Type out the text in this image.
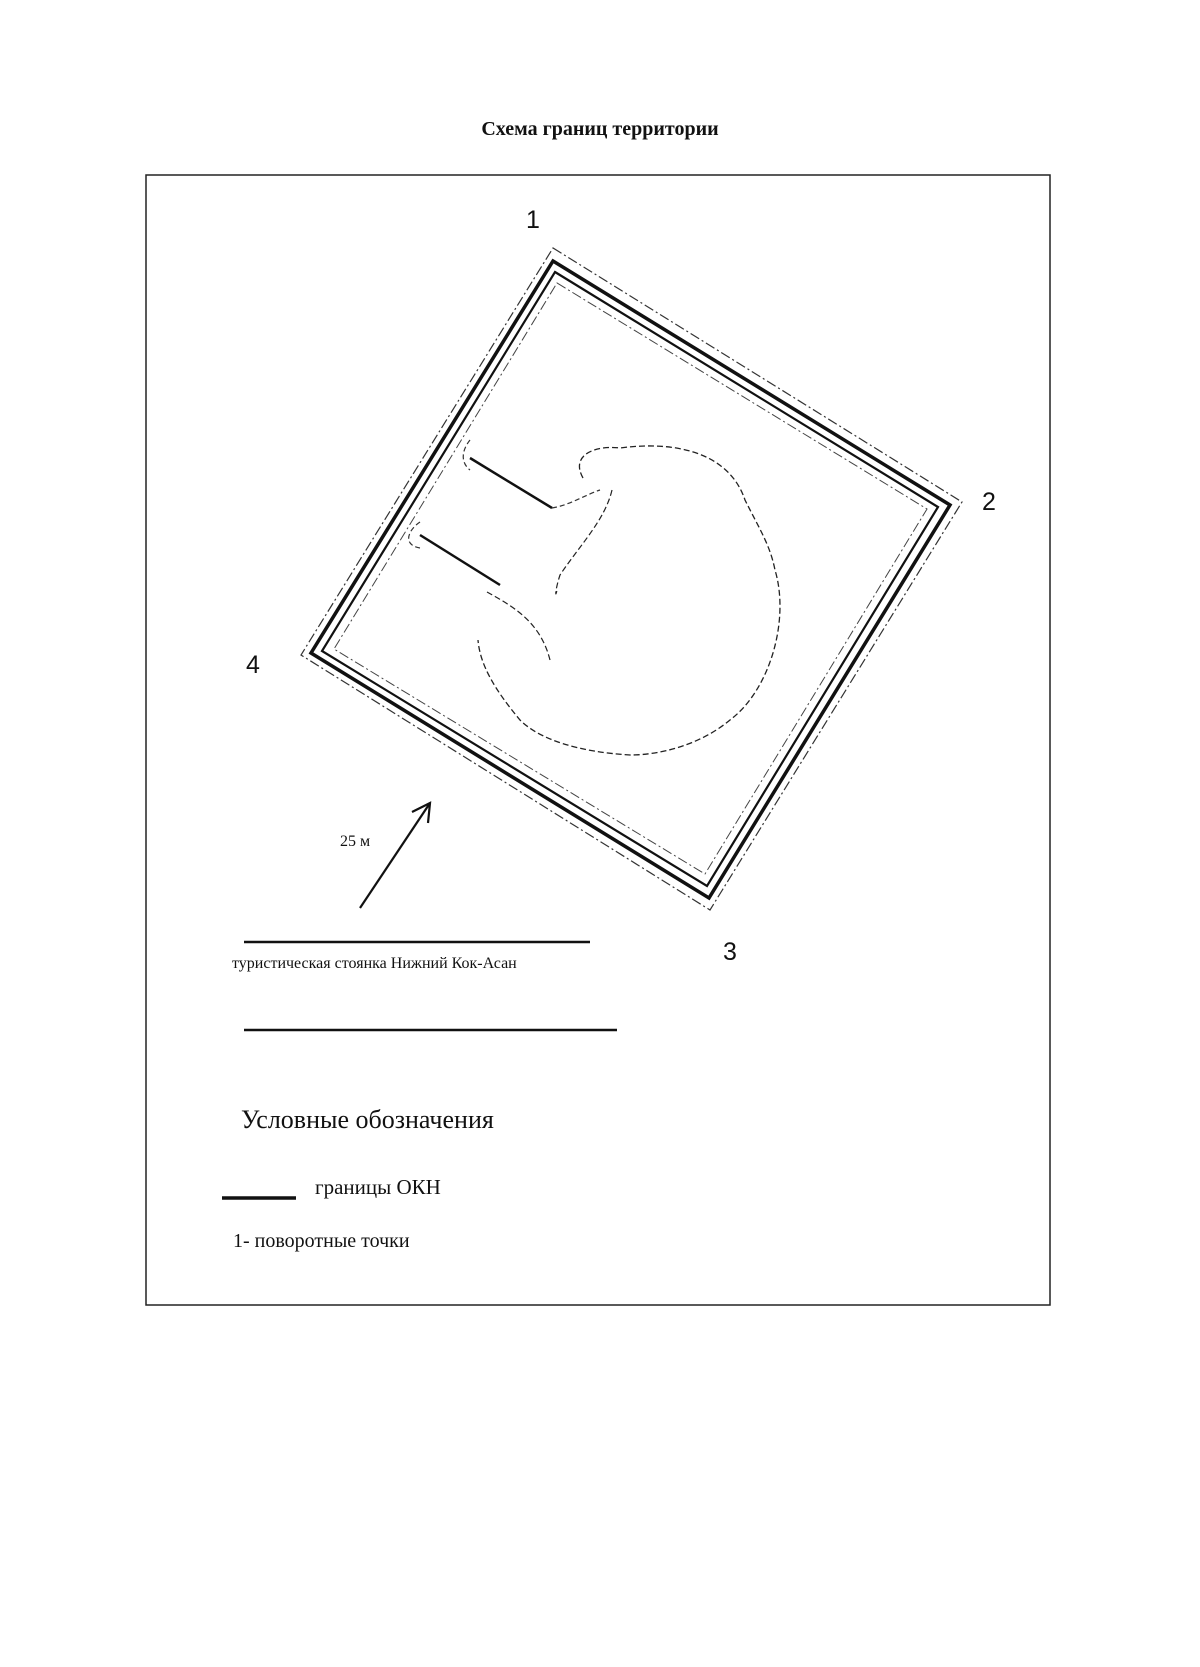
Схема границ территории
1
2
3
4
25 м
туристическая стоянка Нижний Кок-Асан
Условные обозначения
границы ОКН
1- поворотные точки
